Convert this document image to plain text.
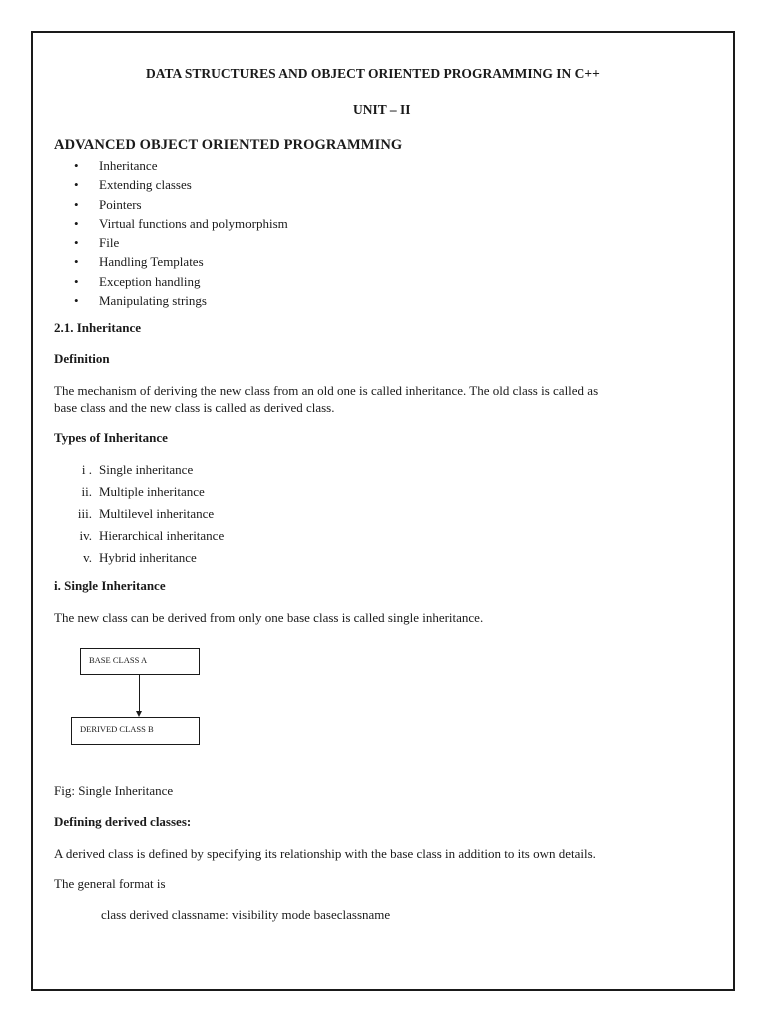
DATA STRUCTURES AND OBJECT ORIENTED PROGRAMMING IN C++
UNIT – II
ADVANCED OBJECT ORIENTED PROGRAMMING
• Inheritance
• Extending classes
• Pointers
• Virtual functions and polymorphism
• File
• Handling Templates
• Exception handling
• Manipulating strings
2.1. Inheritance
Definition
The mechanism of deriving the new class from an old one is called inheritance. The old class is called as
base class and the new class is called as derived class.
Types of Inheritance
i . Single inheritance
ii. Multiple inheritance
iii. Multilevel inheritance
iv. Hierarchical inheritance
v. Hybrid inheritance
i. Single Inheritance
The new class can be derived from only one base class is called single inheritance.
BASE CLASS A
DERIVED CLASS B
Fig: Single Inheritance
Defining derived classes:
A derived class is defined by specifying its relationship with the base class in addition to its own details.
The general format is
class derived classname: visibility mode baseclassname
